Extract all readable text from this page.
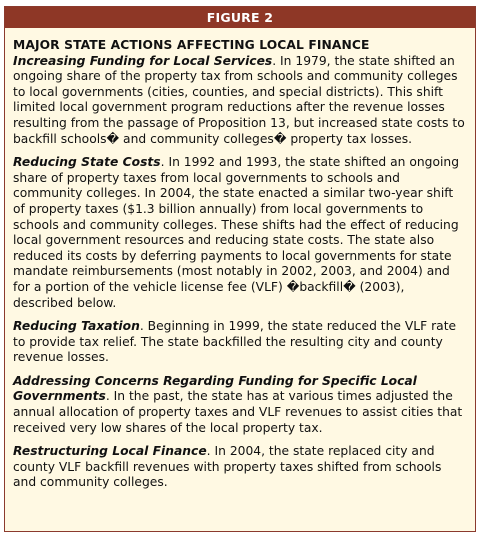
FIGURE 2

MAJOR STATE ACTIONS AFFECTING LOCAL FINANCE

Increasing Funding for Local Services. In 1979, the state shifted an ongoing share of the property tax from schools and community colleges to local governments (cities, counties, and special districts). This shift limited local government program reductions after the revenue losses resulting from the passage of Proposition 13, but increased state costs to backfill schools� and community colleges� property tax losses.

Reducing State Costs. In 1992 and 1993, the state shifted an ongoing share of property taxes from local governments to schools and community colleges. In 2004, the state enacted a similar two-year shift of property taxes ($1.3 billion annually) from local governments to schools and community colleges. These shifts had the effect of reducing local government resources and reducing state costs. The state also reduced its costs by deferring payments to local governments for state mandate reimbursements (most notably in 2002, 2003, and 2004) and for a portion of the vehicle license fee (VLF) �backfill� (2003), described below.

Reducing Taxation. Beginning in 1999, the state reduced the VLF rate to provide tax relief. The state backfilled the resulting city and county revenue losses.

Addressing Concerns Regarding Funding for Specific Local Governments. In the past, the state has at various times adjusted the annual allocation of property taxes and VLF revenues to assist cities that received very low shares of the local property tax.

Restructuring Local Finance. In 2004, the state replaced city and county VLF backfill revenues with property taxes shifted from schools and community colleges.
